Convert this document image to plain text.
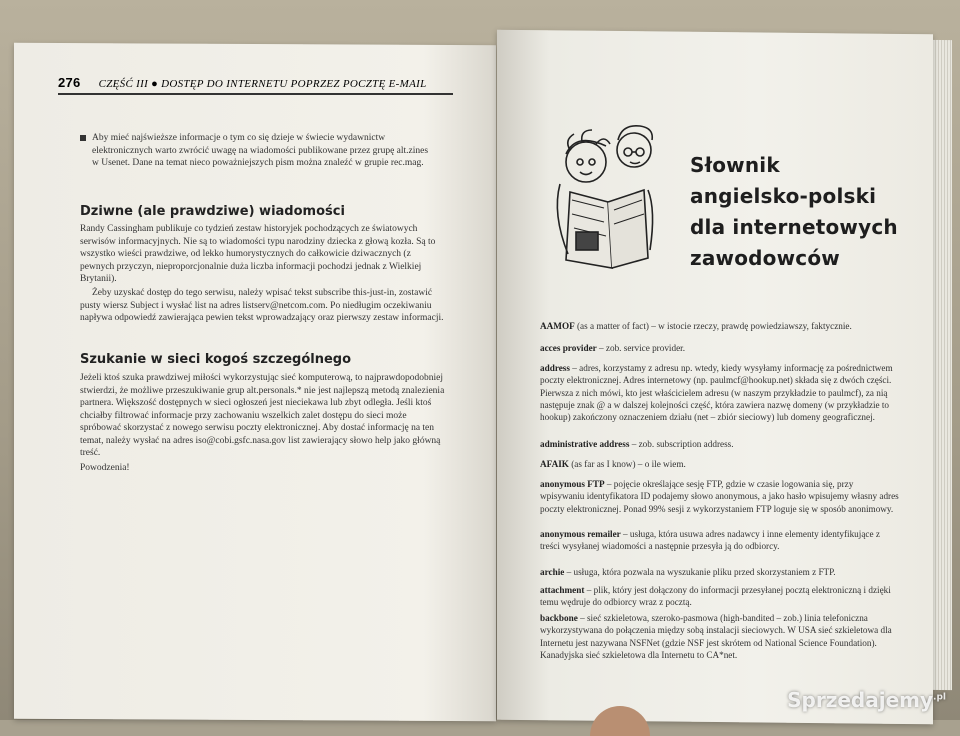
276 CZĘŚĆ III ● DOSTĘP DO INTERNETU POPRZEZ POCZTĘ E-MAIL
Aby mieć najświeższe informacje o tym co się dzieje w świecie wydawnictw elektronicznych warto zwrócić uwagę na wiadomości publikowane przez grupę alt.zines w Usenet. Dane na temat nieco poważniejszych pism można znaleźć w grupie rec.mag.
Dziwne (ale prawdziwe) wiadomości
Randy Cassingham publikuje co tydzień zestaw historyjek pochodzących ze światowych serwisów informacyjnych. Nie są to wiadomości typu narodziny dziecka z głową kozła. Są to wszystko wieści prawdziwe, od lekko humorystycznych do całkowicie dziwacznych (z pewnych przyczyn, nieproporcjonalnie duża liczba informacji pochodzi jednak z Wielkiej Brytanii).
Żeby uzyskać dostęp do tego serwisu, należy wpisać tekst subscribe this-just-in, zostawić pusty wiersz Subject i wysłać list na adres listserv@netcom.com. Po niedługim oczekiwaniu napływa odpowiedź zawierająca pewien tekst wprowadzający oraz pierwszy zestaw informacji.
Szukanie w sieci kogoś szczególnego
Jeżeli ktoś szuka prawdziwej miłości wykorzystując sieć komputerową, to najprawdopodobniej stwierdzi, że możliwe przeszukiwanie grup alt.personals.* nie jest najlepszą metodą znalezienia partnera. Większość dostępnych w sieci ogłoszeń jest nieciekawa lub zbyt odległa. Jeśli ktoś chciałby filtrować informacje przy zachowaniu wszelkich zalet dostępu do sieci może spróbować skorzystać z nowego serwisu poczty elektronicznej. Aby dostać informację na ten temat, należy wysłać na adres iso@cobi.gsfc.nasa.gov list zawierający słowo help jako główną treść.
Powodzenia!
Słownik
angielsko-polski
dla internetowych
zawodowców
AAMOF (as a matter of fact) – w istocie rzeczy, prawdę powiedziawszy, faktycznie.
acces provider – zob. service provider.
address – adres, korzystamy z adresu np. wtedy, kiedy wysyłamy informację za pośrednictwem poczty elektronicznej. Adres internetowy (np. paulmcf@hookup.net) składa się z dwóch części. Pierwsza z nich mówi, kto jest właścicielem adresu (w naszym przykładzie to paulmcf), za nią następuje znak @ a w dalszej kolejności część, która zawiera nazwę domeny (w przykładzie to hookup) zakończony oznaczeniem działu (net – zbiór sieciowy) lub domeny geograficznej.
administrative address – zob. subscription address.
AFAIK (as far as I know) – o ile wiem.
anonymous FTP – pojęcie określające sesję FTP, gdzie w czasie logowania się, przy wpisywaniu identyfikatora ID podajemy słowo anonymous, a jako hasło wpisujemy własny adres poczty elektronicznej. Ponad 99% sesji z wykorzystaniem FTP loguje się w sposób anonimowy.
anonymous remailer – usługa, która usuwa adres nadawcy i inne elementy identyfikujące z treści wysyłanej wiadomości a następnie przesyła ją do odbiorcy.
archie – usługa, która pozwala na wyszukanie pliku przed skorzystaniem z FTP.
attachment – plik, który jest dołączony do informacji przesyłanej pocztą elektroniczną i dzięki temu wędruje do odbiorcy wraz z pocztą.
backbone – sieć szkieletowa, szeroko-pasmowa (high-bandited – zob.) linia telefoniczna wykorzystywana do połączenia między sobą instalacji sieciowych. W USA sieć szkieletowa dla Internetu jest nazywana NSFNet (gdzie NSF jest skrótem od National Science Foundation). Kanadyjska sieć szkieletowa dla Internetu to CA*net.
Sprzedajemy$^{.pl}$
